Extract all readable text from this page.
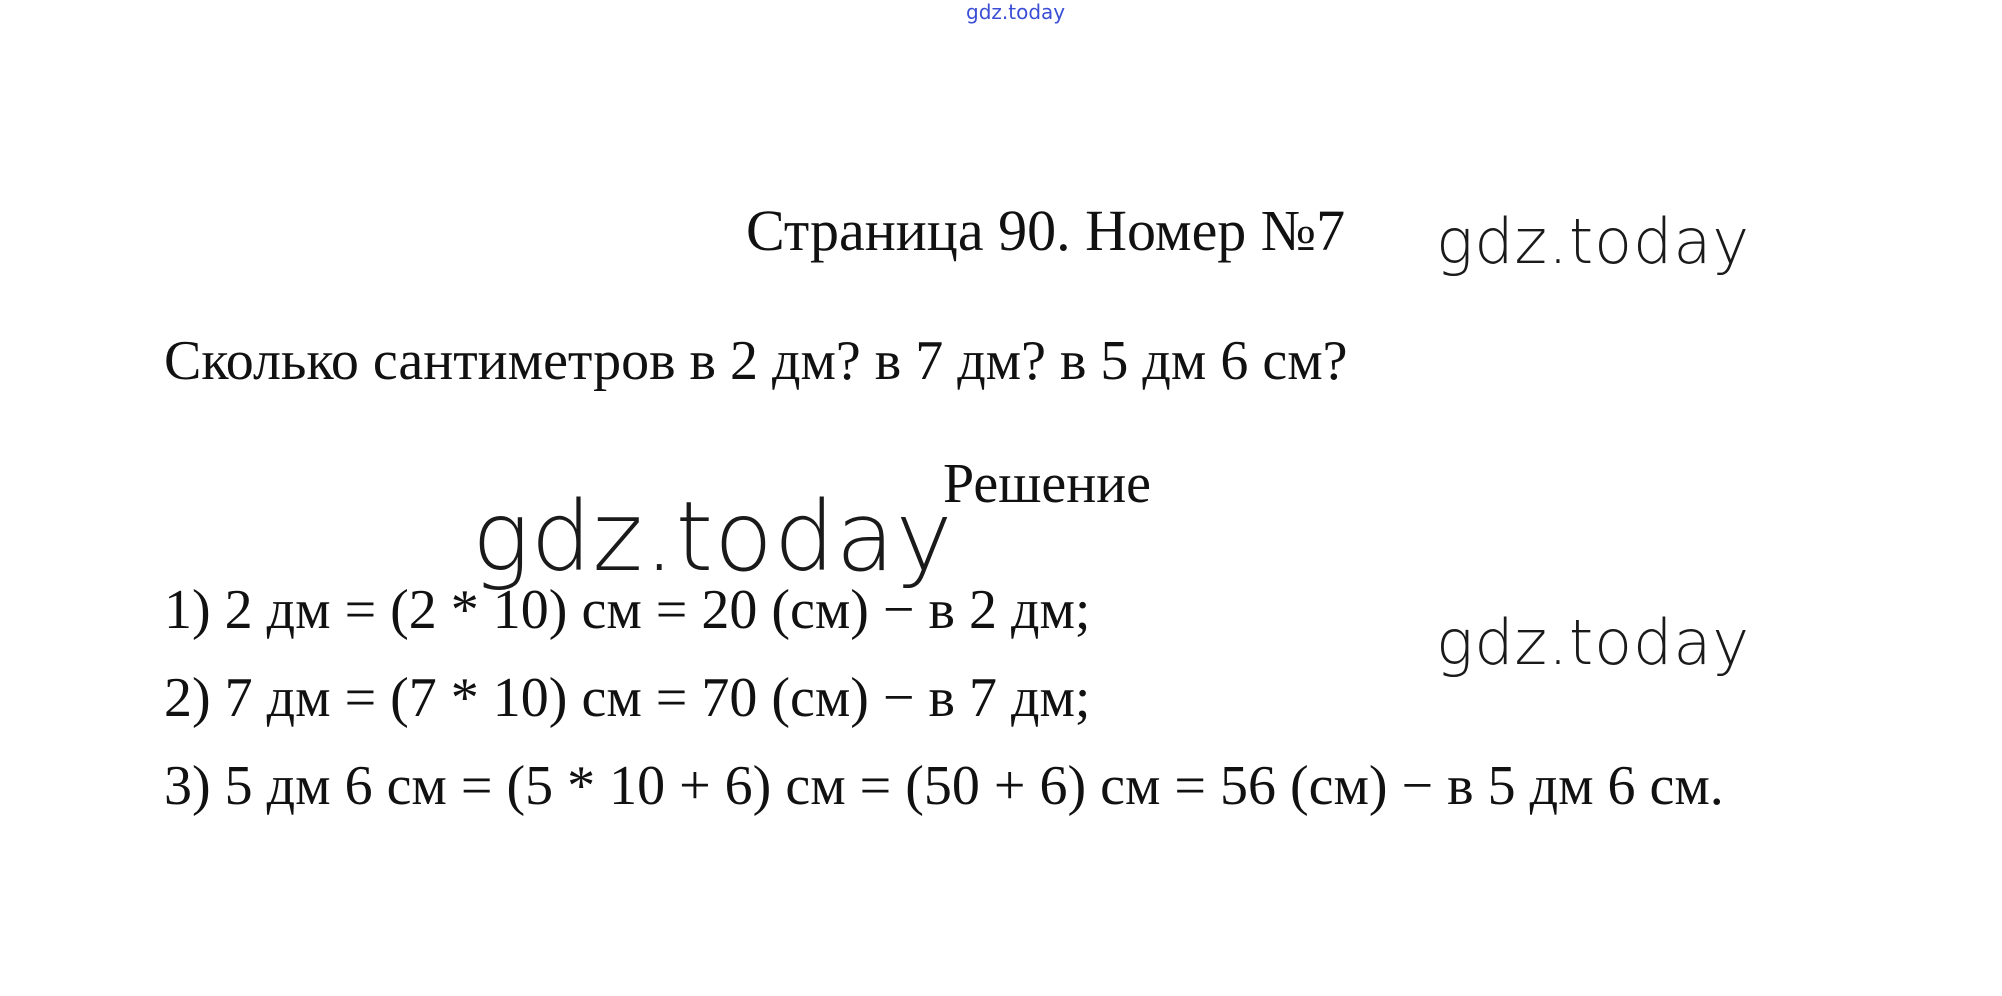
gdz.today
Страница 90. Номер №7 gdz.today
Сколько сантиметров в 2 дм? в 7 дм? в 5 дм 6 см?
gdz.today
Решение
1) 2 дм = (2 * 10) см = 20 (см) − в 2 дм;	gdz.today
2) 7 дм = (7 * 10) см = 70 (см) − в 7 дм;
3) 5 дм 6 см = (5 * 10 + 6) см = (50 + 6) см = 56 (см) − в 5 дм 6 см.
